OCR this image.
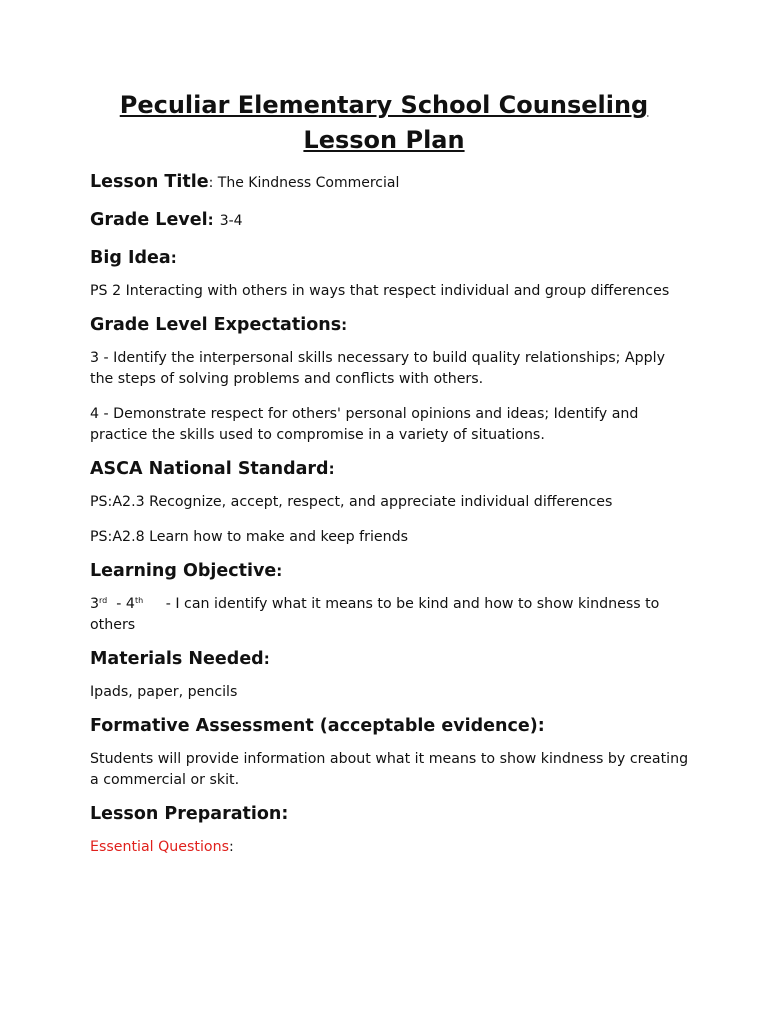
Peculiar Elementary School Counseling
Lesson Plan

Lesson Title: The Kindness Commercial

Grade Level: 3-4

Big Idea:

PS 2 Interacting with others in ways that respect individual and group differences

Grade Level Expectations:

3 - Identify the interpersonal skills necessary to build quality relationships; Apply the steps of solving problems and conflicts with others.

4 - Demonstrate respect for others' personal opinions and ideas; Identify and practice the skills used to compromise in a variety of situations.

ASCA National Standard:

PS:A2.3 Recognize, accept, respect, and appreciate individual differences

PS:A2.8 Learn how to make and keep friends

Learning Objective:

3rd  - 4th     - I can identify what it means to be kind and how to show kindness to others

Materials Needed:

Ipads, paper, pencils

Formative Assessment (acceptable evidence):

Students will provide information about what it means to show kindness by creating a commercial or skit.

Lesson Preparation:

Essential Questions:
